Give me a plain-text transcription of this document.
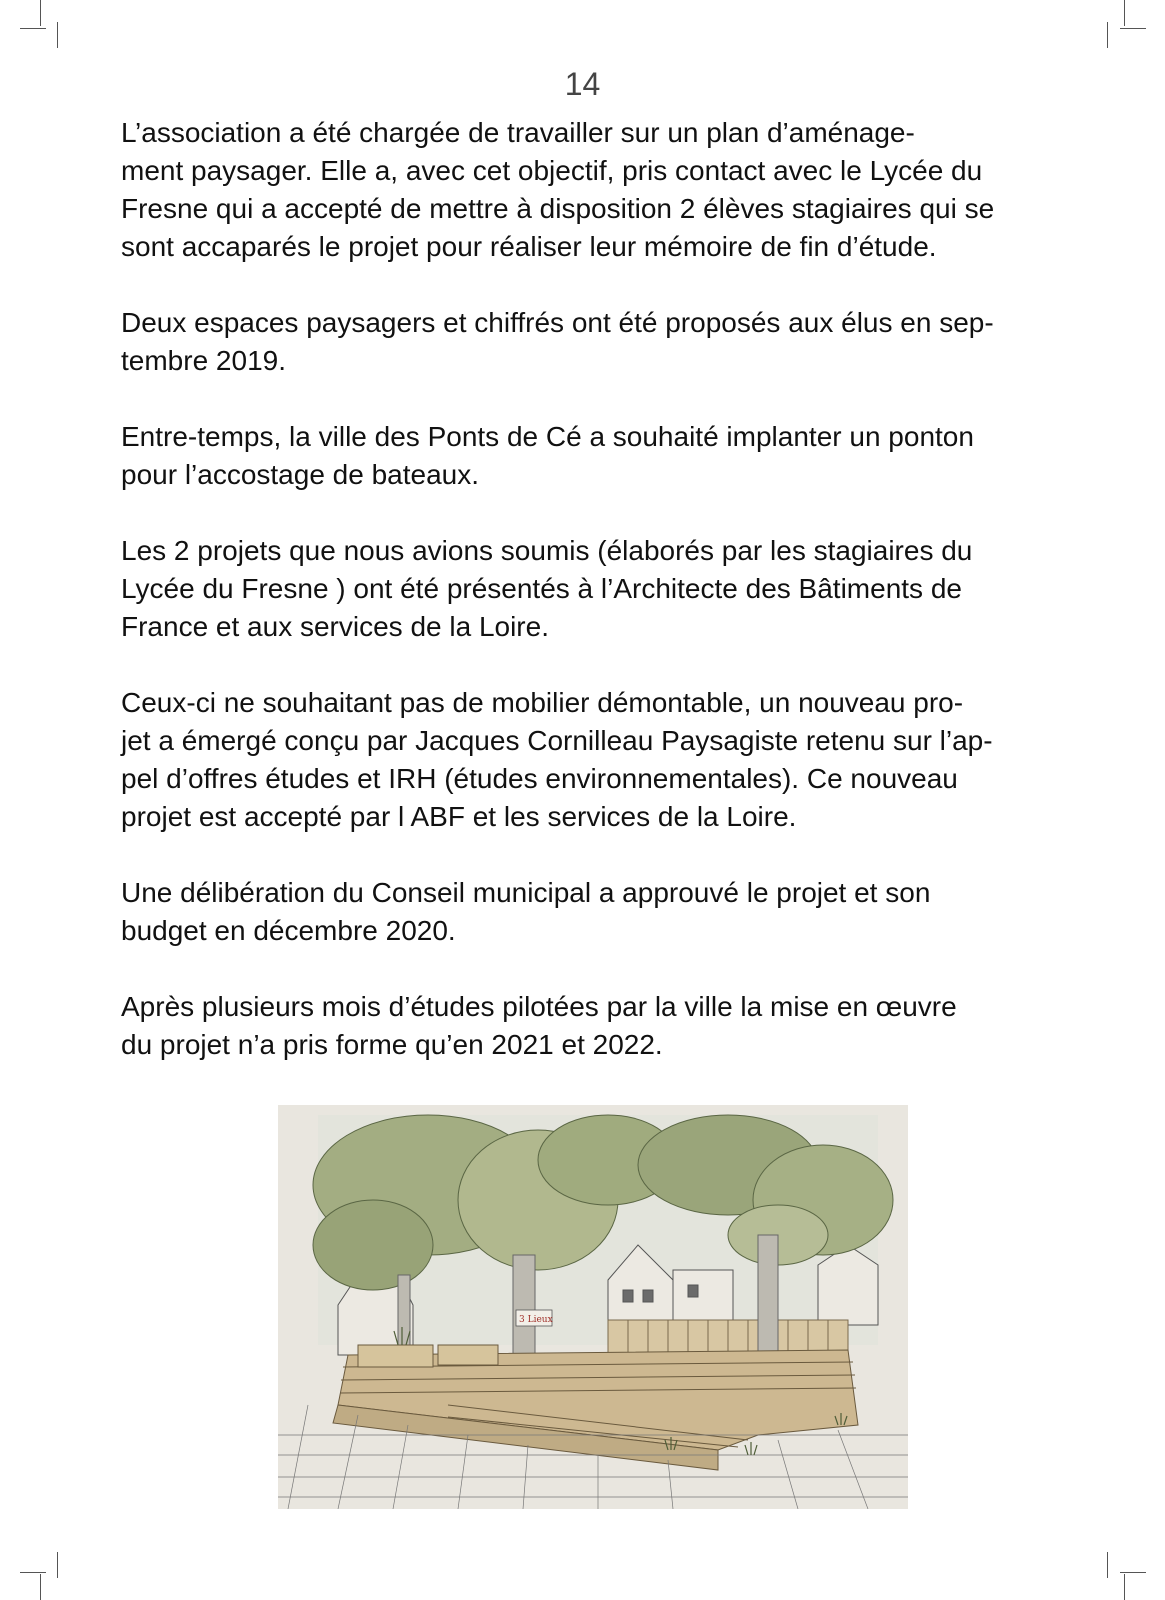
14

L’association a été chargée de travailler sur un plan d’aménage-
ment paysager. Elle a, avec cet objectif, pris contact avec le Lycée du
Fresne qui a accepté de mettre à disposition 2 élèves stagiaires qui se
sont accaparés le projet pour réaliser leur mémoire de fin d’étude.

Deux espaces paysagers et chiffrés ont été proposés aux élus en sep-
tembre 2019.

Entre-temps, la ville des Ponts de Cé a souhaité implanter un ponton
pour l’accostage de bateaux.

Les 2 projets que nous avions soumis (élaborés par les stagiaires du
Lycée du Fresne ) ont été présentés à l’Architecte des Bâtiments de
France et aux services de la Loire.

Ceux-ci ne souhaitant pas de mobilier démontable, un nouveau pro-
jet a émergé conçu par Jacques Cornilleau Paysagiste retenu sur l’ap-
pel d’offres études et IRH (études environnementales). Ce nouveau
projet est accepté par l ABF et les services de la Loire.

Une délibération du Conseil municipal a approuvé le projet et son
budget en décembre 2020.

Après plusieurs mois d’études pilotées par la ville la mise en œuvre
du projet n’a pris forme qu’en 2021 et 2022.

3 Lieux
